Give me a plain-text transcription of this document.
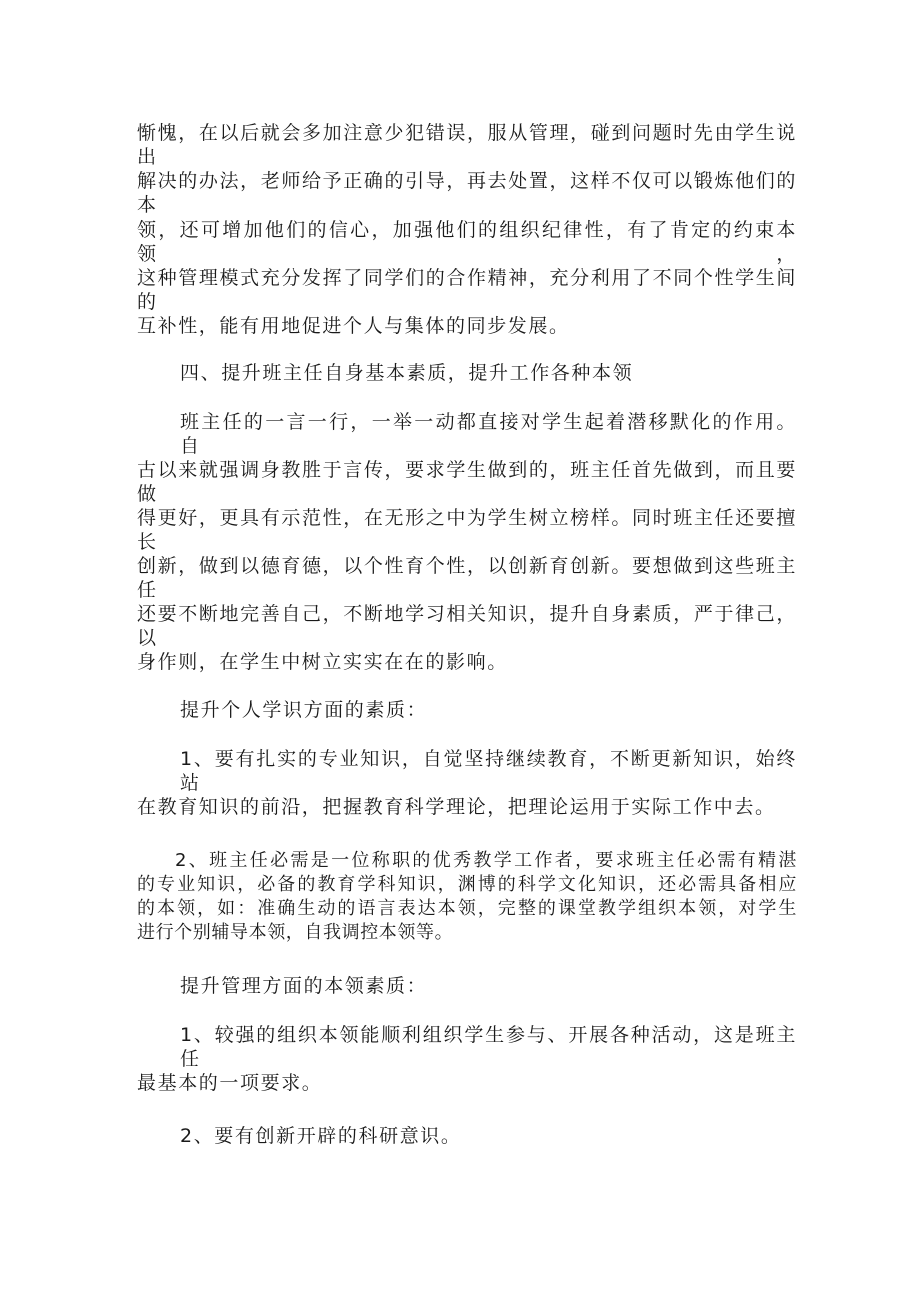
惭愧，在以后就会多加注意少犯错误，服从管理，碰到问题时先由学生说出
解决的办法，老师给予正确的引导，再去处置，这样不仅可以锻炼他们的本
领，还可增加他们的信心，加强他们的组织纪律性，有了肯定的约束本领，
这种管理模式充分发挥了同学们的合作精神，充分利用了不同个性学生间的
互补性，能有用地促进个人与集体的同步发展。
四、提升班主任自身基本素质，提升工作各种本领
班主任的一言一行，一举一动都直接对学生起着潜移默化的作用。自
古以来就强调身教胜于言传，要求学生做到的，班主任首先做到，而且要做
得更好，更具有示范性，在无形之中为学生树立榜样。同时班主任还要擅长
创新，做到以德育德，以个性育个性，以创新育创新。要想做到这些班主任
还要不断地完善自己，不断地学习相关知识，提升自身素质，严于律己，以
身作则，在学生中树立实实在在的影响。
提升个人学识方面的素质：
1、要有扎实的专业知识，自觉坚持继续教育，不断更新知识，始终站
在教育知识的前沿，把握教育科学理论，把理论运用于实际工作中去。
2、班主任必需是一位称职的优秀教学工作者，要求班主任必需有精湛
的专业知识，必备的教育学科知识，渊博的科学文化知识，还必需具备相应
的本领，如：准确生动的语言表达本领，完整的课堂教学组织本领，对学生
进行个别辅导本领，自我调控本领等。
提升管理方面的本领素质：
1、较强的组织本领能顺利组织学生参与、开展各种活动，这是班主任
最基本的一项要求。
2、要有创新开辟的科研意识。
